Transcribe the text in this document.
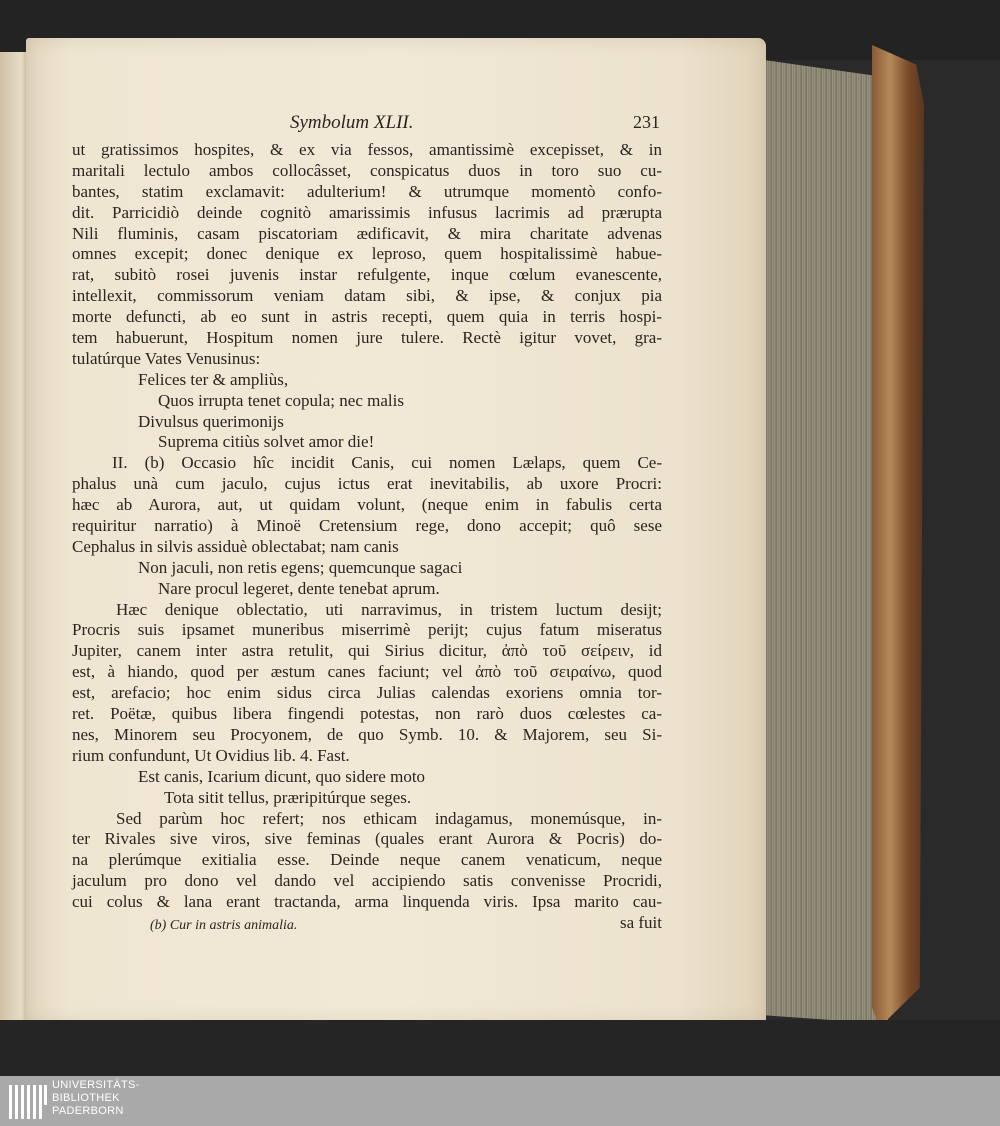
Symbolum XLII.	231
ut gratissimos hospites, & ex via fessos, amantissimè excepisset, & in
maritali lectulo ambos collocâsset, conspicatus duos in toro suo cu-
bantes, statim exclamavit: adulterium! & utrumque momentò confo-
dit. Parricidiò deinde cognitò amarissimis infusus lacrimis ad prærupta
Nili fluminis, casam piscatoriam ædificavit, & mira charitate advenas
omnes excepit; donec denique ex leproso, quem hospitalissimè habue-
rat, subitò rosei juvenis instar refulgente, inque cœlum evanescente,
intellexit, commissorum veniam datam sibi, & ipse, & conjux pia
morte defuncti, ab eo sunt in astris recepti, quem quia in terris hospi-
tem habuerunt, Hospitum nomen jure tulere. Rectè igitur vovet, gra-
tulatúrque Vates Venusinus:
Felices ter & ampliùs,
Quos irrupta tenet copula; nec malis
Divulsus querimonijs
Suprema citiùs solvet amor die!
II. (b) Occasio hîc incidit Canis, cui nomen Lælaps, quem Ce-
phalus unà cum jaculo, cujus ictus erat inevitabilis, ab uxore Procri:
hæc ab Aurora, aut, ut quidam volunt, (neque enim in fabulis certa
requiritur narratio) à Minoë Cretensium rege, dono accepit; quô sese
Cephalus in silvis assiduè oblectabat; nam canis
Non jaculi, non retis egens; quemcunque sagaci
Nare procul legeret, dente tenebat aprum.
Hæc denique oblectatio, uti narravimus, in tristem luctum desijt;
Procris suis ipsamet muneribus miserrimè perijt; cujus fatum miseratus
Jupiter, canem inter astra retulit, qui Sirius dicitur, ἀπὸ τοῦ σείρειν, id
est, à hiando, quod per æstum canes faciunt; vel ἀπὸ τοῦ σειραίνω, quod
est, arefacio; hoc enim sidus circa Julias calendas exoriens omnia tor-
ret. Poëtæ, quibus libera fingendi potestas, non rarò duos cœlestes ca-
nes, Minorem seu Procyonem, de quo Symb. 10. & Majorem, seu Si-
rium confundunt, Ut Ovidius lib. 4. Fast.
Est canis, Icarium dicunt, quo sidere moto
Tota sitit tellus, præripitúrque seges.
Sed parùm hoc refert; nos ethicam indagamus, monemúsque, in-
ter Rivales sive viros, sive feminas (quales erant Aurora & Pocris) do-
na plerúmque exitialia esse. Deinde neque canem venaticum, neque
jaculum pro dono vel dando vel accipiendo satis convenisse Procridi,
cui colus & lana erant tractanda, arma linquenda viris. Ipsa marito cau-
sa fuit
(b) Cur in astris animalia.
UNIVERSITÄTS-
BIBLIOTHEK
PADERBORN
